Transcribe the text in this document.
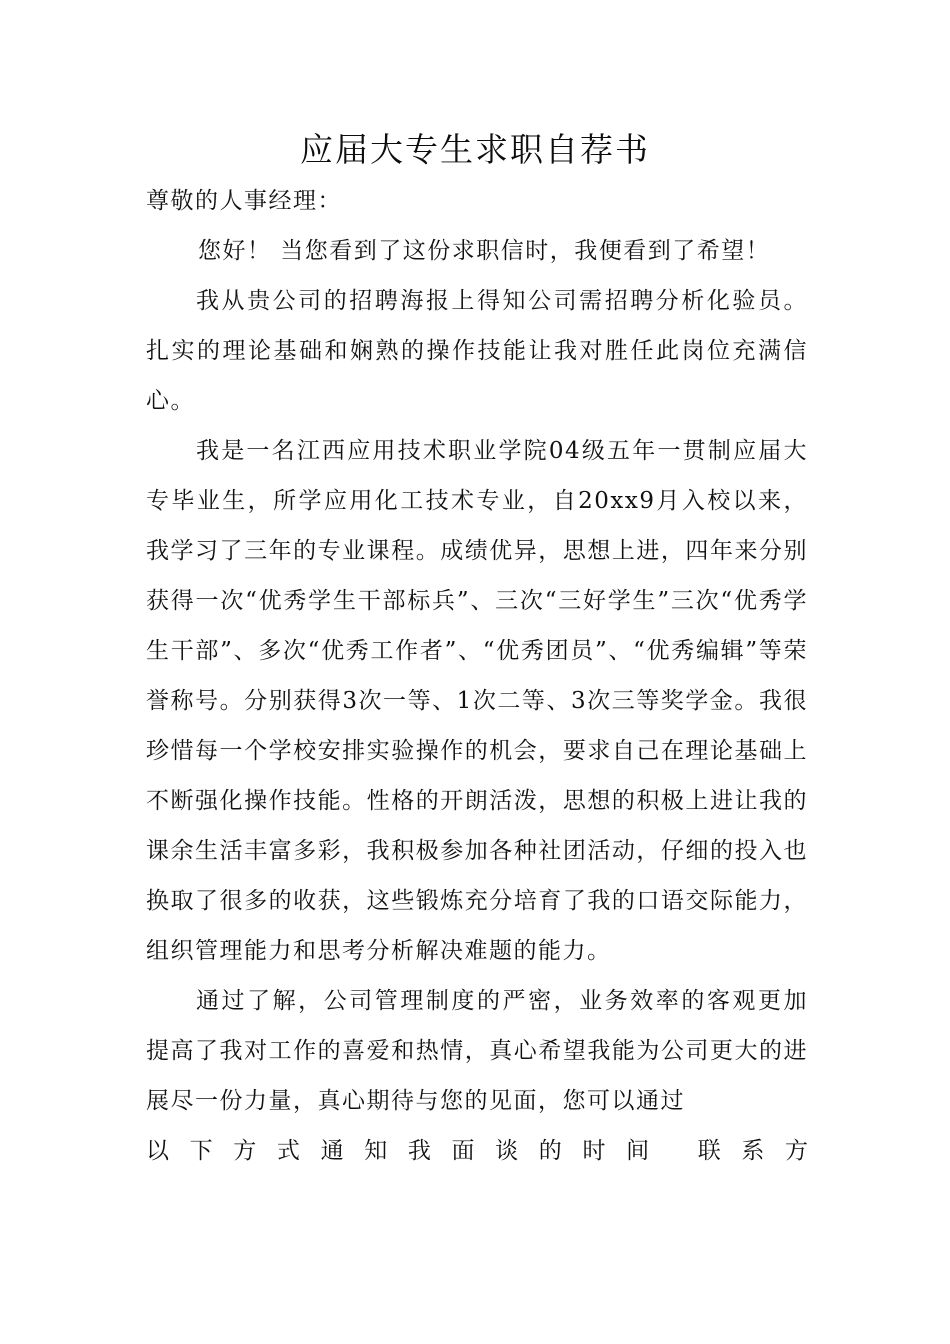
应届大专生求职自荐书

尊敬的人事经理：

您好！ 当您看到了这份求职信时，我便看到了希望！

我从贵公司的招聘海报上得知公司需招聘分析化验员。扎实的理论基础和娴熟的操作技能让我对胜任此岗位充满信心。

我是一名江西应用技术职业学院04级五年一贯制应届大专毕业生，所学应用化工技术专业，自20xx9月入校以来，我学习了三年的专业课程。成绩优异，思想上进，四年来分别获得一次“优秀学生干部标兵”、三次“三好学生”三次“优秀学生干部”、多次“优秀工作者”、“优秀团员”、“优秀编辑”等荣誉称号。分别获得3次一等、1次二等、3次三等奖学金。我很珍惜每一个学校安排实验操作的机会，要求自己在理论基础上不断强化操作技能。性格的开朗活泼，思想的积极上进让我的课余生活丰富多彩，我积极参加各种社团活动，仔细的投入也换取了很多的收获，这些锻炼充分培育了我的口语交际能力，组织管理能力和思考分析解决难题的能力。

通过了解，公司管理制度的严密，业务效率的客观更加提高了我对工作的喜爱和热情，真心希望我能为公司更大的进展尽一份力量，真心期待与您的见面，您可以通过

以下方式通知我面谈的时间 联系方
